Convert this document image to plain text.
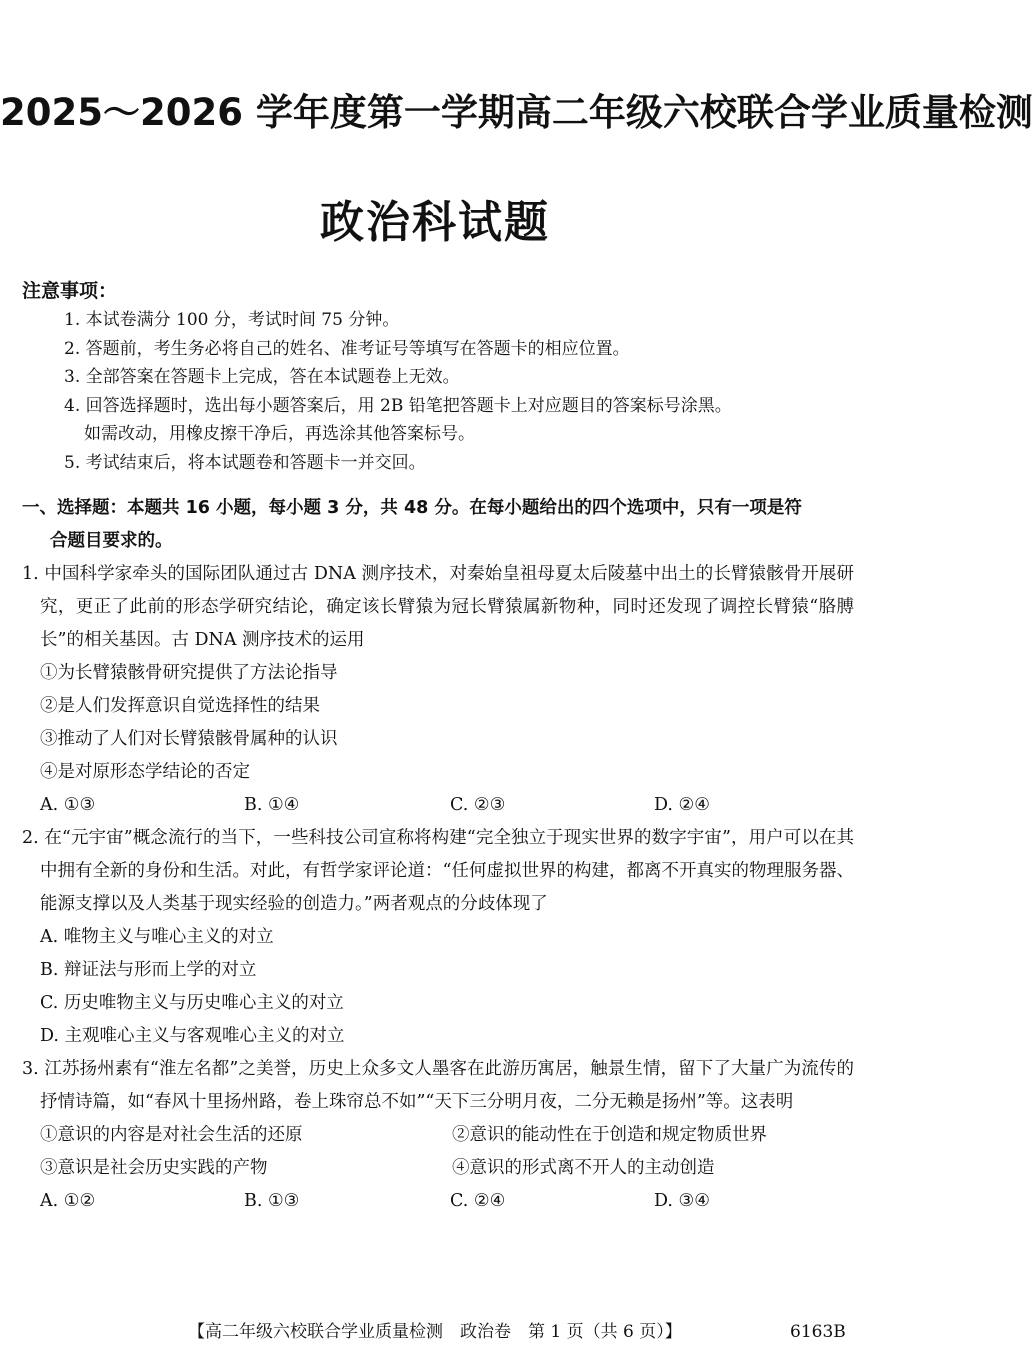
2025～2026 学年度第一学期高二年级六校联合学业质量检测
政治科试题
注意事项：
1. 本试卷满分 100 分，考试时间 75 分钟。
2. 答题前，考生务必将自己的姓名、准考证号等填写在答题卡的相应位置。
3. 全部答案在答题卡上完成，答在本试题卷上无效。
4. 回答选择题时，选出每小题答案后，用 2B 铅笔把答题卡上对应题目的答案标号涂黑。
如需改动，用橡皮擦干净后，再选涂其他答案标号。
5. 考试结束后，将本试题卷和答题卡一并交回。
一、选择题：本题共 16 小题，每小题 3 分，共 48 分。在每小题给出的四个选项中，只有一项是符
合题目要求的。
1. 中国科学家牵头的国际团队通过古 DNA 测序技术，对秦始皇祖母夏太后陵墓中出土的长臂猿骸骨开展研究，更正了此前的形态学研究结论，确定该长臂猿为冠长臂猿属新物种，同时还发现了调控长臂猿“胳膊长”的相关基因。古 DNA 测序技术的运用
①为长臂猿骸骨研究提供了方法论指导
②是人们发挥意识自觉选择性的结果
③推动了人们对长臂猿骸骨属种的认识
④是对原形态学结论的否定
A. ①③	B. ①④	C. ②③	D. ②④
2. 在“元宇宙”概念流行的当下，一些科技公司宣称将构建“完全独立于现实世界的数字宇宙”，用户可以在其中拥有全新的身份和生活。对此，有哲学家评论道：“任何虚拟世界的构建，都离不开真实的物理服务器、能源支撑以及人类基于现实经验的创造力。”两者观点的分歧体现了
A. 唯物主义与唯心主义的对立
B. 辩证法与形而上学的对立
C. 历史唯物主义与历史唯心主义的对立
D. 主观唯心主义与客观唯心主义的对立
3. 江苏扬州素有“淮左名都”之美誉，历史上众多文人墨客在此游历寓居，触景生情，留下了大量广为流传的抒情诗篇，如“春风十里扬州路，卷上珠帘总不如”“天下三分明月夜，二分无赖是扬州”等。这表明
①意识的内容是对社会生活的还原	②意识的能动性在于创造和规定物质世界
③意识是社会历史实践的产物	④意识的形式离不开人的主动创造
A. ①②	B. ①③	C. ②④	D. ③④
【高二年级六校联合学业质量检测　政治卷　第 1 页（共 6 页）】	6163B
